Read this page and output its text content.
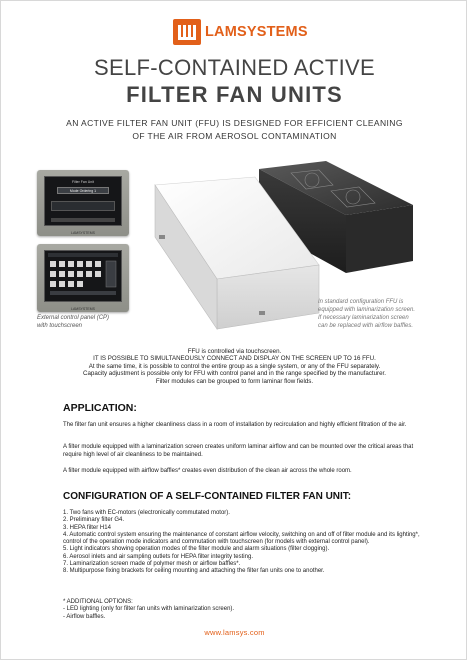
LAMSYSTEMS
SELF-CONTAINED ACTIVE
FILTER FAN UNITS
AN ACTIVE FILTER FAN UNIT (FFU) IS DESIGNED FOR EFFICIENT CLEANING
OF THE AIR FROM AEROSOL CONTAMINATION
Filter Fan Unit
Mode Ordering 1
LAMSYSTEMS
LAMSYSTEMS
External control panel (CP)
with touchscreen
In standard configuration FFU is
equipped with laminarization screen.
If necessary laminarization screen
can be replaced with airflow baffles.
FFU is controlled via touchscreen.
IT IS POSSIBLE TO SIMULTANEOUSLY CONNECT AND DISPLAY ON THE SCREEN UP TO 16 FFU.
At the same time, it is possible to control the entire group as a single system, or any of the FFU separately.
Capacity adjustment is possible only for FFU with control panel and in the range specified by the manufacturer.
Filter modules can be grouped to form laminar flow fields.
APPLICATION:
The filter fan unit ensures a higher cleanliness class in a room of installation by recirculation and highly efficient filtration of the air.
A filter module equipped with a laminarization screen creates uniform laminar airflow and can be mounted over the critical areas that require high level of air cleanliness to be maintained.
A filter module equipped with airflow baffles* creates even distribution of the clean air across the whole room.
CONFIGURATION OF A SELF-CONTAINED FILTER FAN UNIT:
1. Two fans with EC-motors (electronically commutated motor).
2. Preliminary filter G4.
3. HEPA filter H14
4. Automatic control system ensuring the maintenance of constant airflow velocity, switching on and off of filter module and its lighting*, control of the operation mode indicators and commutation with touchscreen (for models with external control panel).
5. Light indicators showing operation modes of the filter module and alarm situations (filter clogging).
6. Aerosol inlets and air sampling outlets for HEPA filter integrity testing.
7. Laminarization screen made of polymer mesh or airflow baffles*.
8. Multipurpose fixing brackets for ceiling mounting and attaching the filter fan units one to another.
* ADDITIONAL OPTIONS:
- LED lighting (only for filter fan units with laminarization screen).
- Airflow baffles.
www.lamsys.com
